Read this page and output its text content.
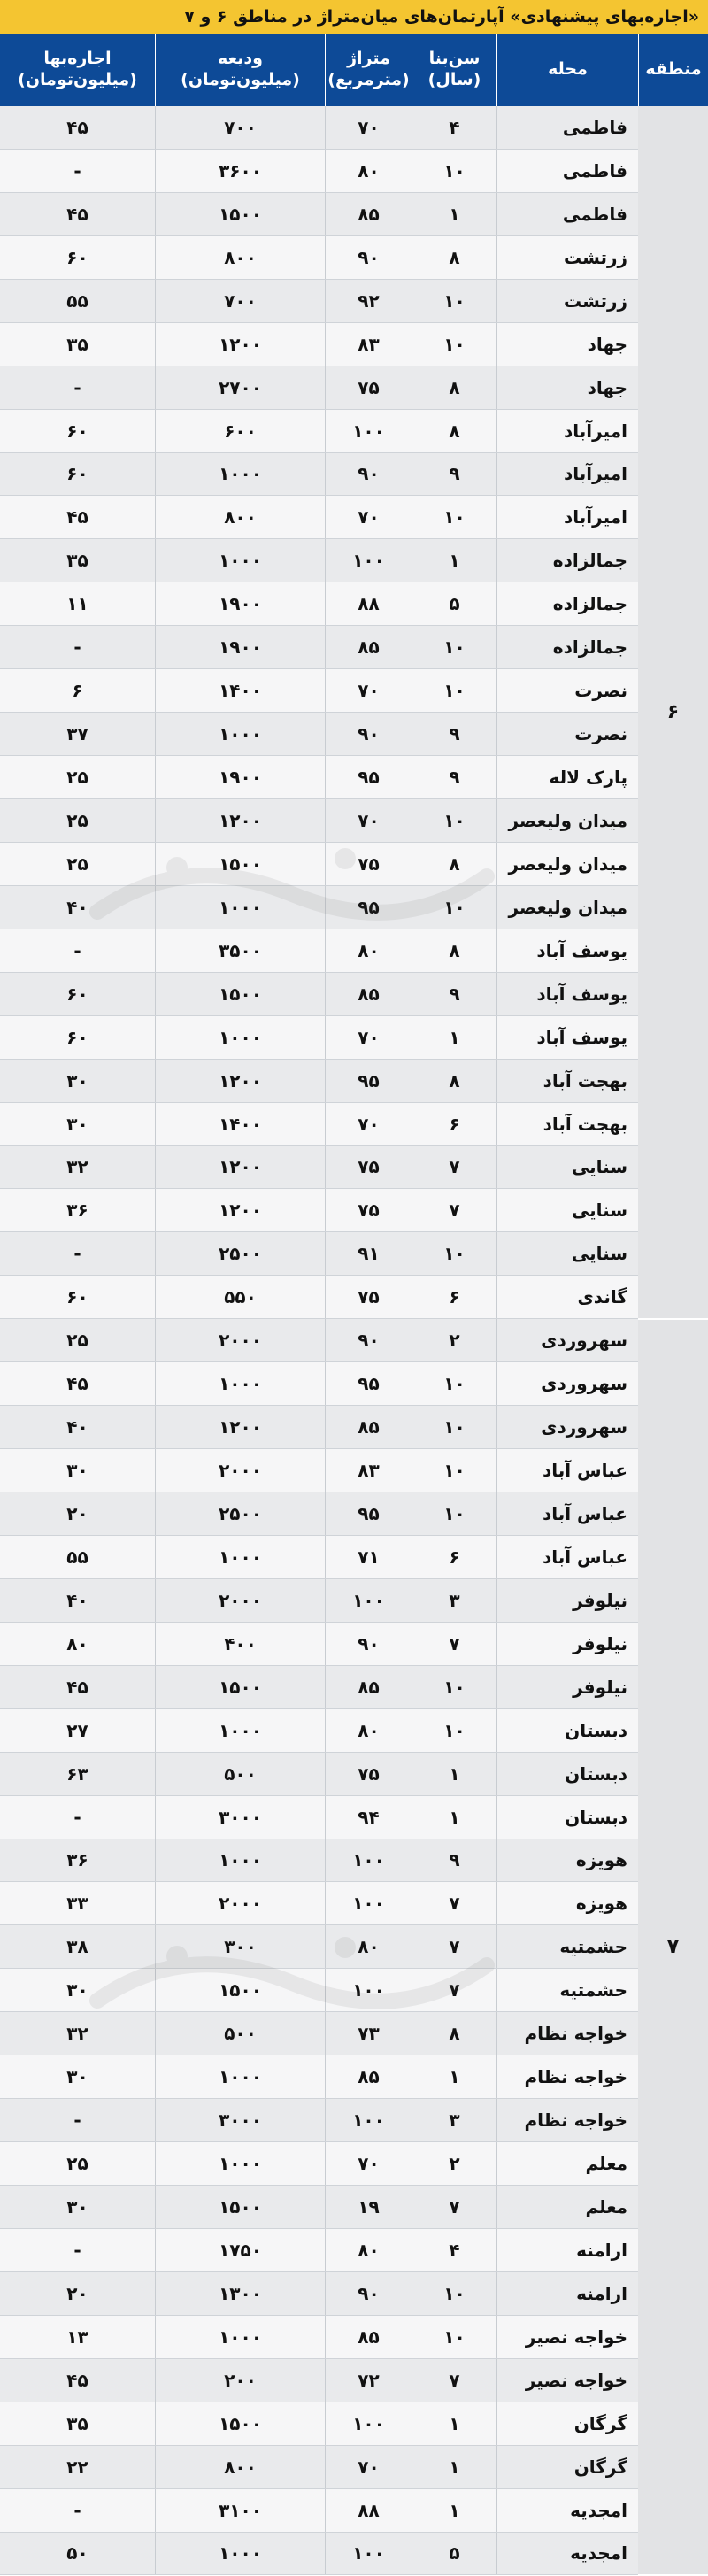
«اجاره‌بهای پیشنهادی» آپارتمان‌های میان‌متراژ در مناطق ۶ و ۷
منطقه
محله
سن‌بنا (سال)
متراژ (مترمربع)
ودیعه (میلیون‌تومان)
اجاره‌بها (میلیون‌تومان)
۶
۷
فاطمی
۴
۷۰
۷۰۰
۴۵
فاطمی
۱۰
۸۰
۳۶۰۰
-
فاطمی
۱
۸۵
۱۵۰۰
۴۵
زرتشت
۸
۹۰
۸۰۰
۶۰
زرتشت
۱۰
۹۲
۷۰۰
۵۵
جهاد
۱۰
۸۳
۱۲۰۰
۳۵
جهاد
۸
۷۵
۲۷۰۰
-
امیرآباد
۸
۱۰۰
۶۰۰
۶۰
امیرآباد
۹
۹۰
۱۰۰۰
۶۰
امیرآباد
۱۰
۷۰
۸۰۰
۴۵
جمالزاده
۱
۱۰۰
۱۰۰۰
۳۵
جمالزاده
۵
۸۸
۱۹۰۰
۱۱
جمالزاده
۱۰
۸۵
۱۹۰۰
-
نصرت
۱۰
۷۰
۱۴۰۰
۶
نصرت
۹
۹۰
۱۰۰۰
۳۷
پارک لاله
۹
۹۵
۱۹۰۰
۲۵
میدان ولیعصر
۱۰
۷۰
۱۲۰۰
۲۵
میدان ولیعصر
۸
۷۵
۱۵۰۰
۲۵
میدان ولیعصر
۱۰
۹۵
۱۰۰۰
۴۰
یوسف آباد
۸
۸۰
۳۵۰۰
-
یوسف آباد
۹
۸۵
۱۵۰۰
۶۰
یوسف آباد
۱
۷۰
۱۰۰۰
۶۰
بهجت آباد
۸
۹۵
۱۲۰۰
۳۰
بهجت آباد
۶
۷۰
۱۴۰۰
۳۰
سنایی
۷
۷۵
۱۲۰۰
۳۲
سنایی
۷
۷۵
۱۲۰۰
۳۶
سنایی
۱۰
۹۱
۲۵۰۰
-
گاندی
۶
۷۵
۵۵۰
۶۰
سهروردی
۲
۹۰
۲۰۰۰
۲۵
سهروردی
۱۰
۹۵
۱۰۰۰
۴۵
سهروردی
۱۰
۸۵
۱۲۰۰
۴۰
عباس آباد
۱۰
۸۳
۲۰۰۰
۳۰
عباس آباد
۱۰
۹۵
۲۵۰۰
۲۰
عباس آباد
۶
۷۱
۱۰۰۰
۵۵
نیلوفر
۳
۱۰۰
۲۰۰۰
۴۰
نیلوفر
۷
۹۰
۴۰۰
۸۰
نیلوفر
۱۰
۸۵
۱۵۰۰
۴۵
دبستان
۱۰
۸۰
۱۰۰۰
۲۷
دبستان
۱
۷۵
۵۰۰
۶۳
دبستان
۱
۹۴
۳۰۰۰
-
هویزه
۹
۱۰۰
۱۰۰۰
۳۶
هویزه
۷
۱۰۰
۲۰۰۰
۳۳
حشمتیه
۷
۸۰
۳۰۰
۳۸
حشمتیه
۷
۱۰۰
۱۵۰۰
۳۰
خواجه نظام
۸
۷۳
۵۰۰
۳۲
خواجه نظام
۱
۸۵
۱۰۰۰
۳۰
خواجه نظام
۳
۱۰۰
۳۰۰۰
-
معلم
۲
۷۰
۱۰۰۰
۲۵
معلم
۷
۱۹
۱۵۰۰
۳۰
ارامنه
۴
۸۰
۱۷۵۰
-
ارامنه
۱۰
۹۰
۱۳۰۰
۲۰
خواجه نصیر
۱۰
۸۵
۱۰۰۰
۱۳
خواجه نصیر
۷
۷۲
۲۰۰
۴۵
گرگان
۱
۱۰۰
۱۵۰۰
۳۵
گرگان
۱
۷۰
۸۰۰
۲۲
امجدیه
۱
۸۸
۳۱۰۰
-
امجدیه
۵
۱۰۰
۱۰۰۰
۵۰
